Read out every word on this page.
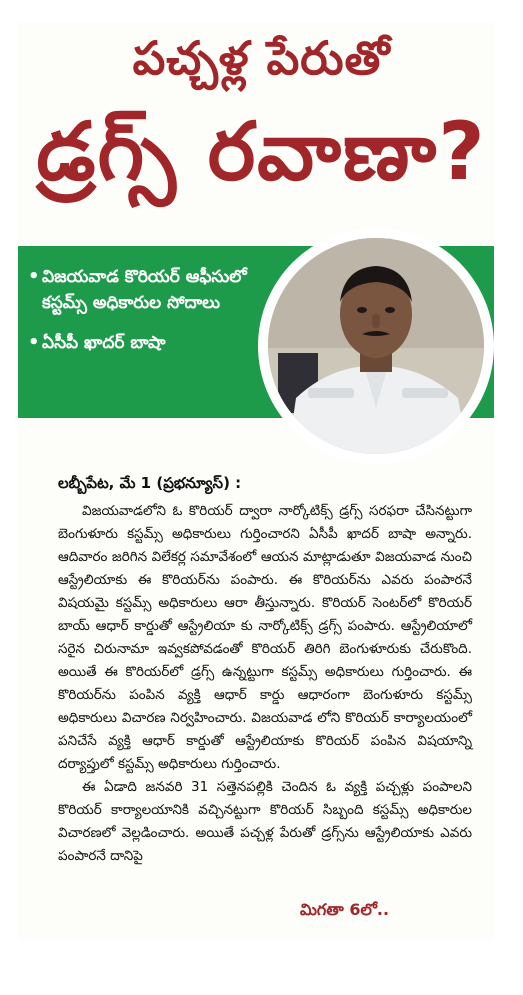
పచ్చళ్ల పేరుతో
డ్రగ్స్ రవాణా?
• విజయవాడ కొరియర్ ఆఫీసులో కస్టమ్స్ అధికారుల సోదాలు
• ఏసీపీ ఖాదర్ బాషా
లబ్బీపేట, మే 1 (ప్రభన్యూస్) :

విజయవాడలోని ఓ కొరియర్ ద్వారా నార్కోటిక్స్ డ్రగ్స్ సరఫరా చేసినట్టుగా బెంగుళూరు కస్టమ్స్ అధికారులు గుర్తించారని ఏసీపీ ఖాదర్ బాషా అన్నారు. ఆదివారం జరిగిన విలేకర్ల సమావేశంలో ఆయన మాట్లాడుతూ విజయవాడ నుంచి ఆస్ట్రేలియాకు ఈ కొరియర్‌ను పంపారు. ఈ కొరియర్‌ను ఎవరు పంపారనే విషయమై కస్టమ్స్ అధికారులు ఆరా తీస్తున్నారు. కొరియర్ సెంటర్‌లో కొరియర్ బాయ్ ఆధార్ కార్డుతో ఆస్ట్రేలియా కు నార్కోటిక్స్ డ్రగ్స్ పంపారు. ఆస్ట్రేలియాలో సరైన చిరునామా ఇవ్వకపోవడంతో కొరియర్ తిరిగి బెంగుళూరుకు చేరుకొంది. అయితే ఈ కొరియర్‌లో డ్రగ్స్ ఉన్నట్టుగా కస్టమ్స్ అధికారులు గుర్తించారు. ఈ కొరియర్‌ను పంపిన వ్యక్తి ఆధార్ కార్డు ఆధారంగా బెంగుళూరు కస్టమ్స్ అధికారులు విచారణ నిర్వహించారు. విజయవాడ లోని కొరియర్ కార్యాలయంలో పనిచేసే వ్యక్తి ఆధార్ కార్డుతో ఆస్ట్రేలియాకు కొరియర్ పంపిన విషయాన్ని దర్యాప్తులో కస్టమ్స్ అధికారులు గుర్తించారు.

ఈ ఏడాది జనవరి 31 సత్తెనపల్లికి చెందిన ఓ వ్యక్తి పచ్చళ్లు పంపాలని కొరియర్ కార్యాలయానికి వచ్చినట్టుగా కొరియర్ సిబ్బంది కస్టమ్స్ అధికారుల విచారణలో వెల్లడించారు. అయితే పచ్చళ్ల పేరుతో డ్రగ్స్‌ను ఆస్ట్రేలియాకు ఎవరు పంపారనే దానిపై

మిగతా 6లో..
